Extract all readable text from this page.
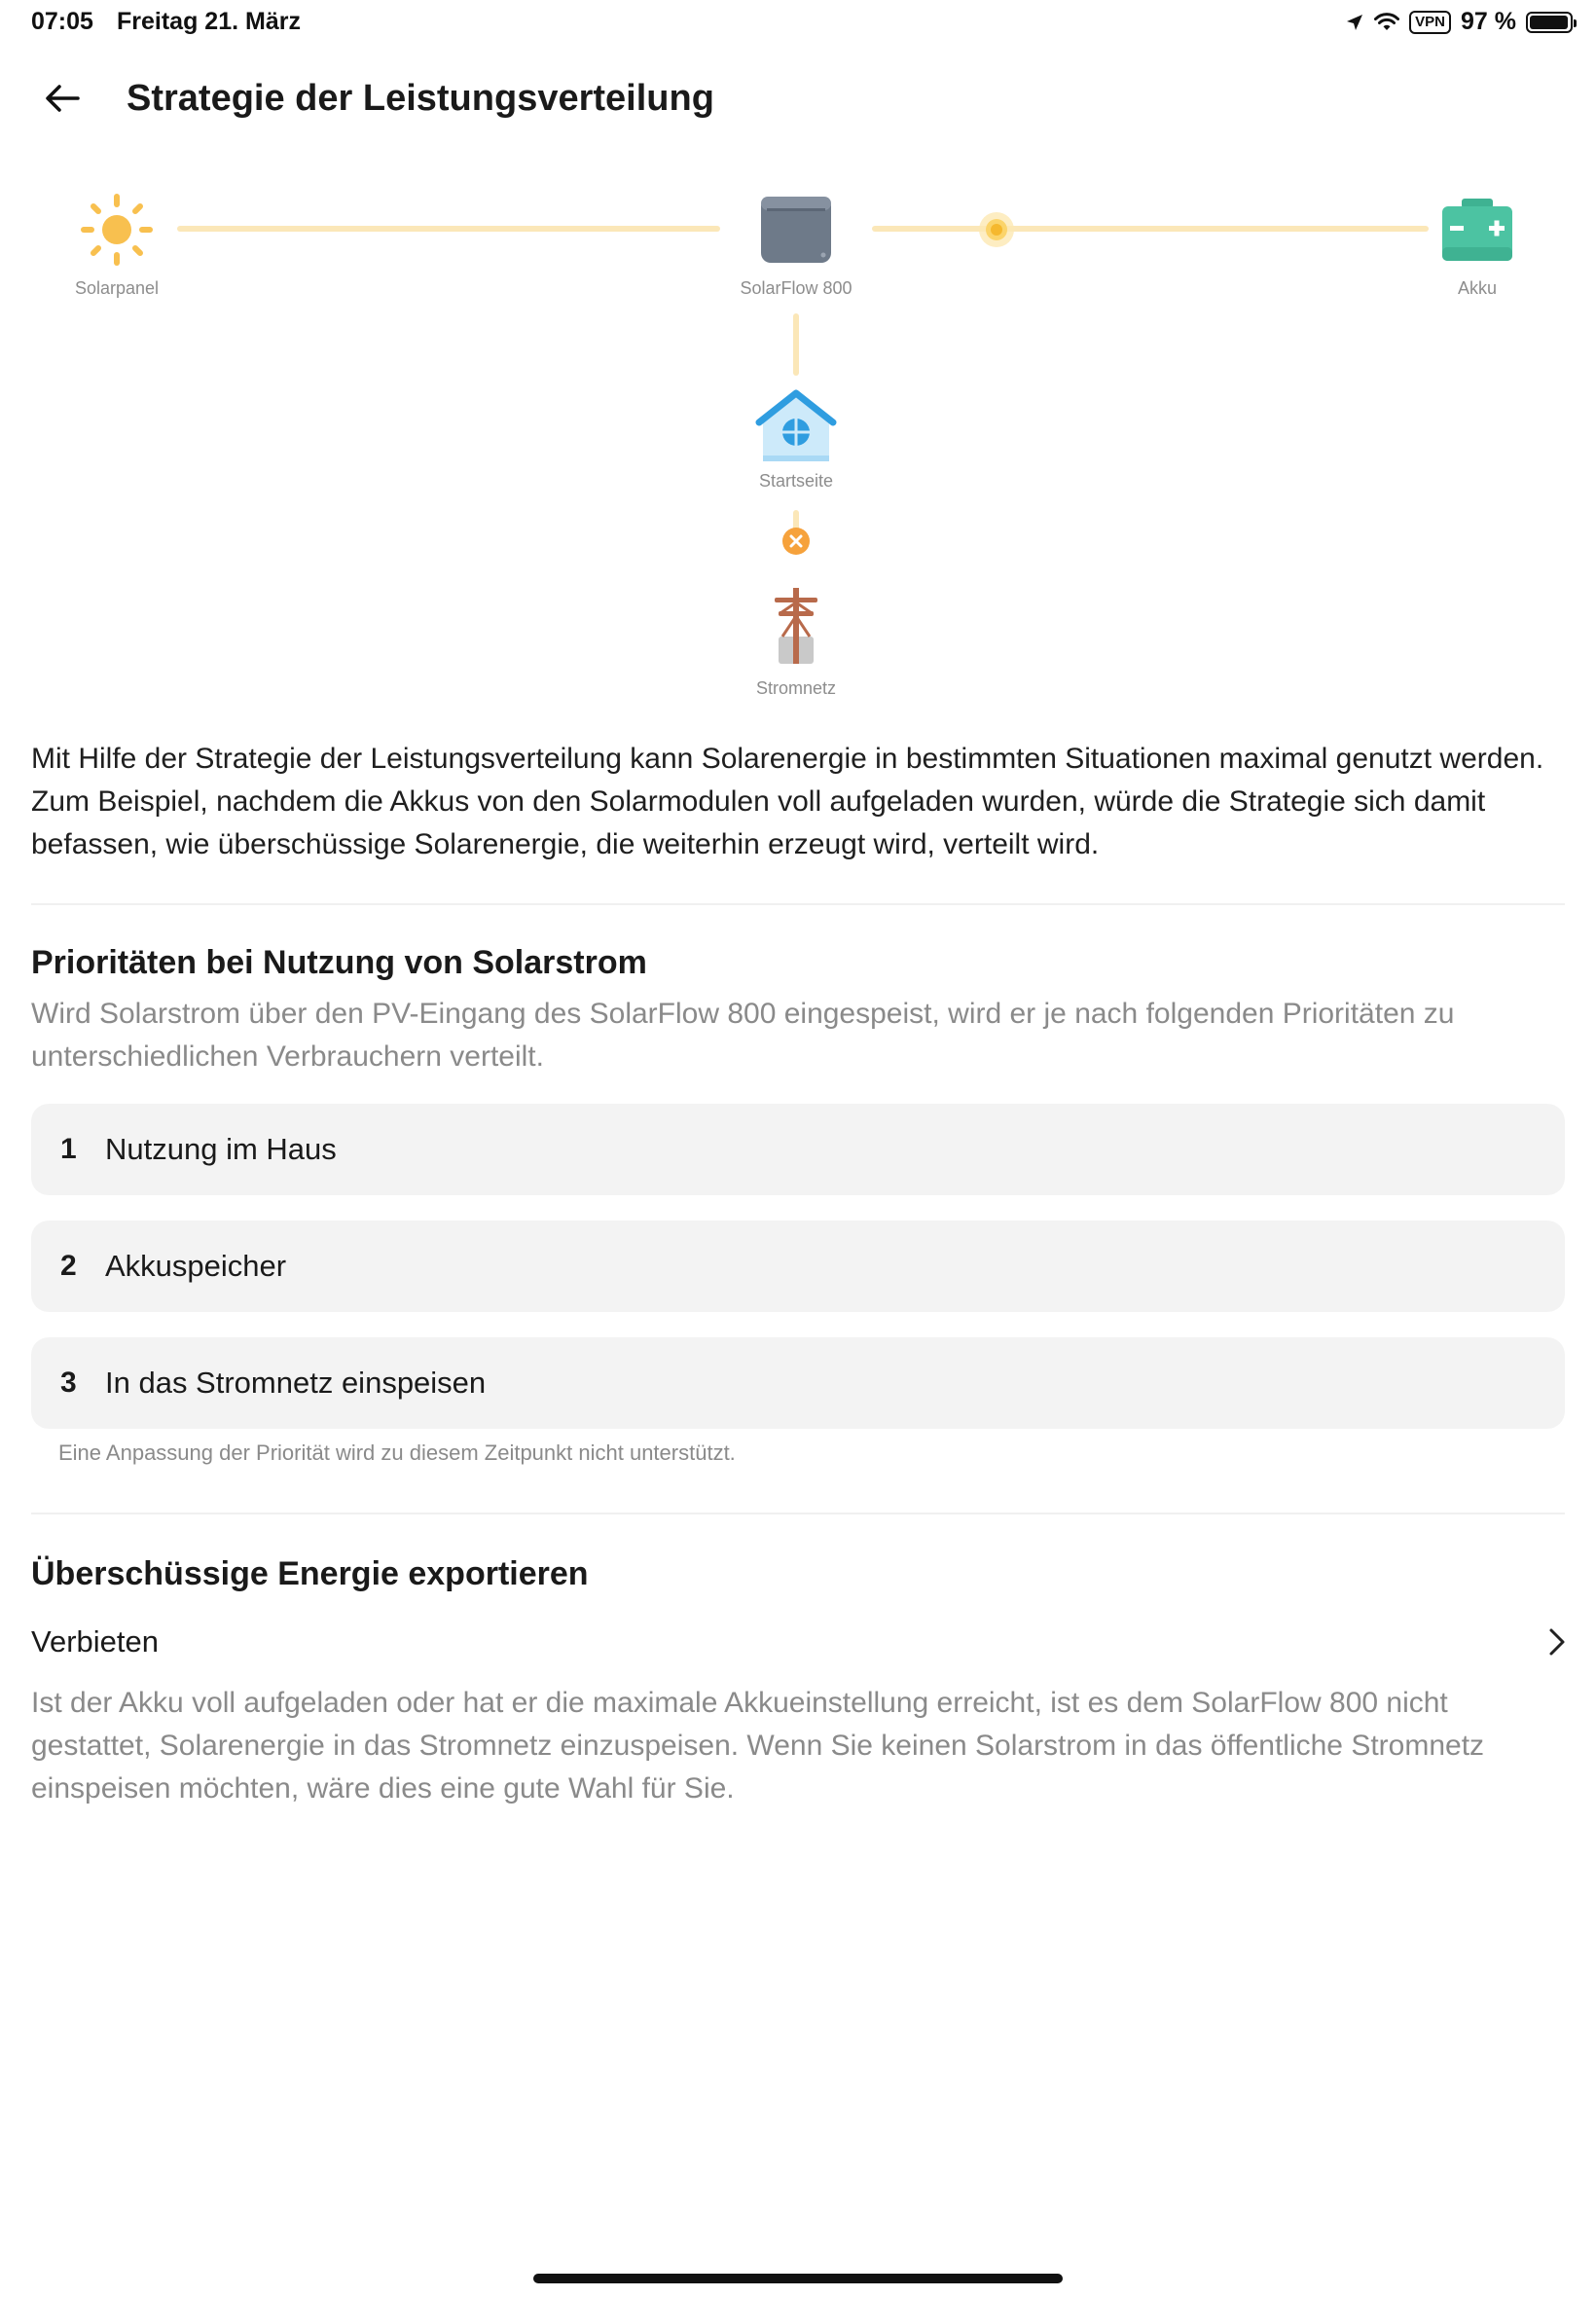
07:05 Freitag 21. März	VPN 97 %
Strategie der Leistungsverteilung
Solarpanel	SolarFlow 800	Akku
Startseite
Stromnetz
Mit Hilfe der Strategie der Leistungsverteilung kann Solarenergie in bestimmten Situationen maximal genutzt werden. Zum Beispiel, nachdem die Akkus von den Solarmodulen voll aufgeladen wurden, würde die Strategie sich damit befassen, wie überschüssige Solarenergie, die weiterhin erzeugt wird, verteilt wird.
Prioritäten bei Nutzung von Solarstrom
Wird Solarstrom über den PV-Eingang des SolarFlow 800 eingespeist, wird er je nach folgenden Prioritäten zu unterschiedlichen Verbrauchern verteilt.
1 Nutzung im Haus
2 Akkuspeicher
3 In das Stromnetz einspeisen
Eine Anpassung der Priorität wird zu diesem Zeitpunkt nicht unterstützt.
Überschüssige Energie exportieren
Verbieten
Ist der Akku voll aufgeladen oder hat er die maximale Akkueinstellung erreicht, ist es dem SolarFlow 800 nicht gestattet, Solarenergie in das Stromnetz einzuspeisen. Wenn Sie keinen Solarstrom in das öffentliche Stromnetz einspeisen möchten, wäre dies eine gute Wahl für Sie.
